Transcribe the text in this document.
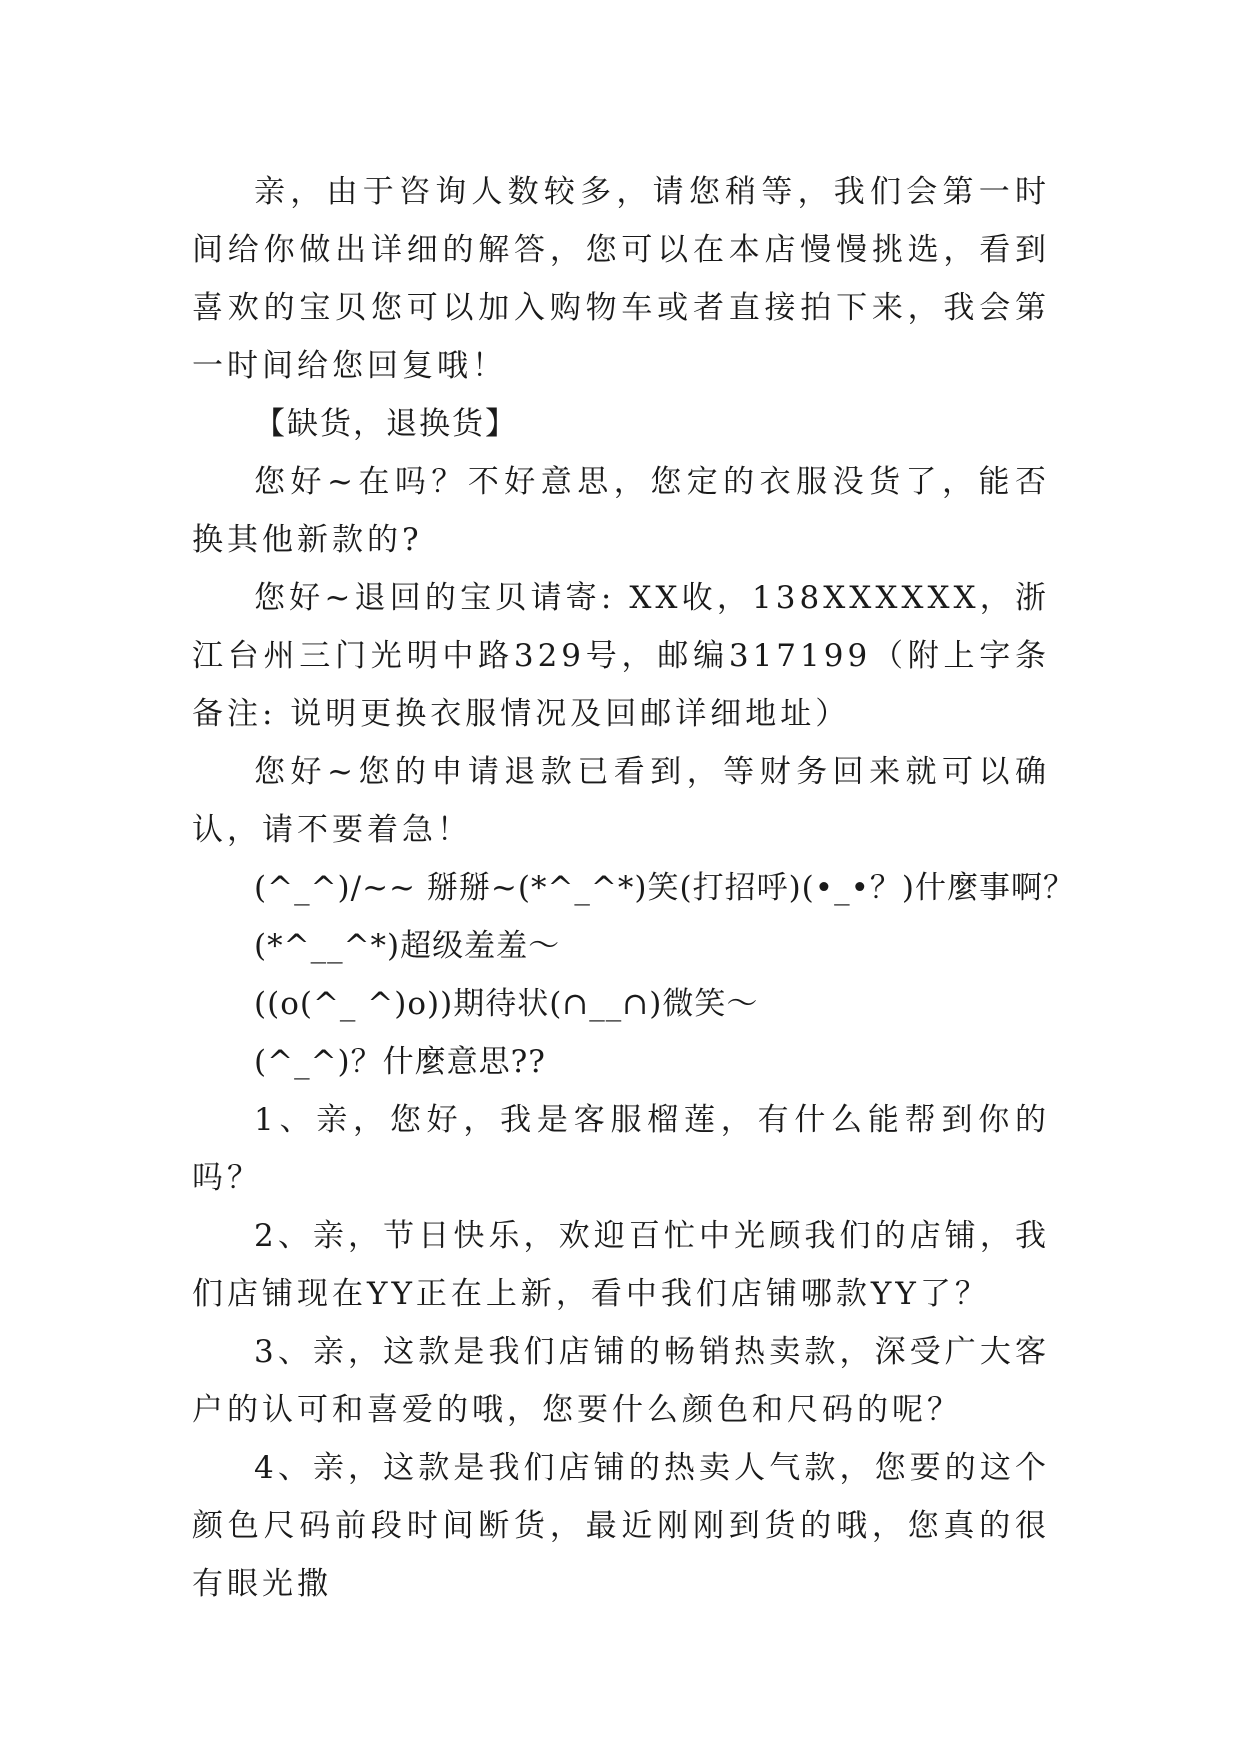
亲，由于咨询人数较多，请您稍等，我们会第一时间给你做出详细的解答，您可以在本店慢慢挑选，看到喜欢的宝贝您可以加入购物车或者直接拍下来，我会第一时间给您回复哦！

【缺货，退换货】

您好~在吗？不好意思，您定的衣服没货了，能否换其他新款的?

您好~退回的宝贝请寄: XX收，138XXXXXX，浙江台州三门光明中路329号，邮编317199（附上字条备注: 说明更换衣服情况及回邮详细地址）

您好~您的申请退款已看到，等财务回来就可以确认，请不要着急！

(^_^)/~~ 掰掰~(*^_^*)笑(打招呼)(•_•？)什麼事啊？

(*^__^*)超级羞羞～

((o(^_ ^)o))期待状(∩__∩)微笑～

(^_^)？什麼意思??

1、亲，您好，我是客服榴莲，有什么能帮到你的吗？

2、亲，节日快乐，欢迎百忙中光顾我们的店铺，我们店铺现在YY正在上新，看中我们店铺哪款YY了？

3、亲，这款是我们店铺的畅销热卖款，深受广大客户的认可和喜爱的哦，您要什么颜色和尺码的呢？

4、亲，这款是我们店铺的热卖人气款，您要的这个颜色尺码前段时间断货，最近刚刚到货的哦，您真的很有眼光撒
